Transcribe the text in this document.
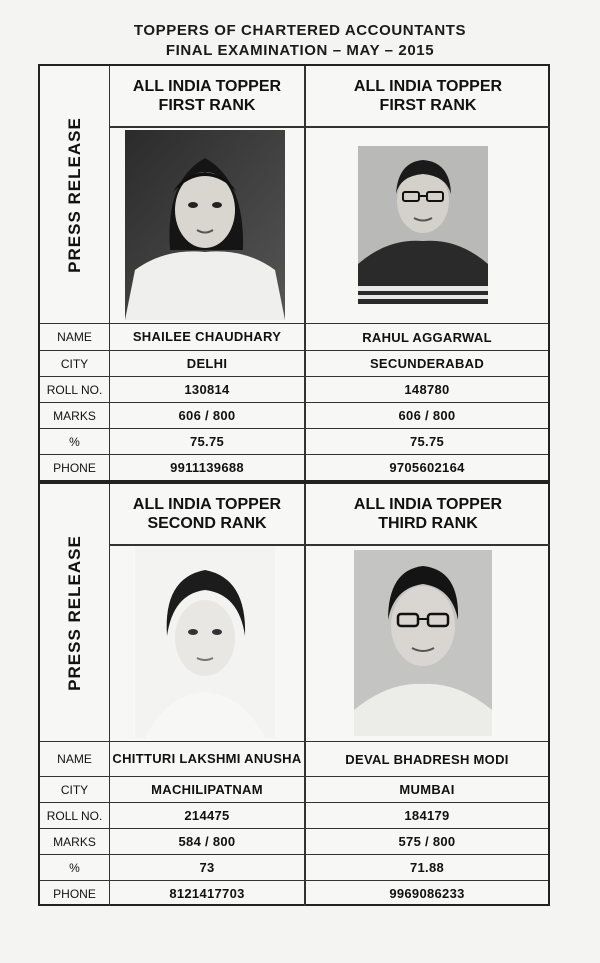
TOPPERS OF CHARTERED ACCOUNTANTS
FINAL EXAMINATION – MAY – 2015
PRESS RELEASE
ALL INDIA TOPPER
FIRST RANK
ALL INDIA TOPPER
FIRST RANK
NAME	SHAILEE CHAUDHARY	RAHUL AGGARWAL
CITY	DELHI	SECUNDERABAD
ROLL NO.	130814	148780
MARKS	606 / 800	606 / 800
%	75.75	75.75
PHONE	9911139688	9705602164
PRESS RELEASE
ALL INDIA TOPPER
SECOND RANK
ALL INDIA TOPPER
THIRD RANK
NAME	CHITTURI LAKSHMI ANUSHA	DEVAL BHADRESH MODI
CITY	MACHILIPATNAM	MUMBAI
ROLL NO.	214475	184179
MARKS	584 / 800	575 / 800
%	73	71.88
PHONE	8121417703	9969086233
